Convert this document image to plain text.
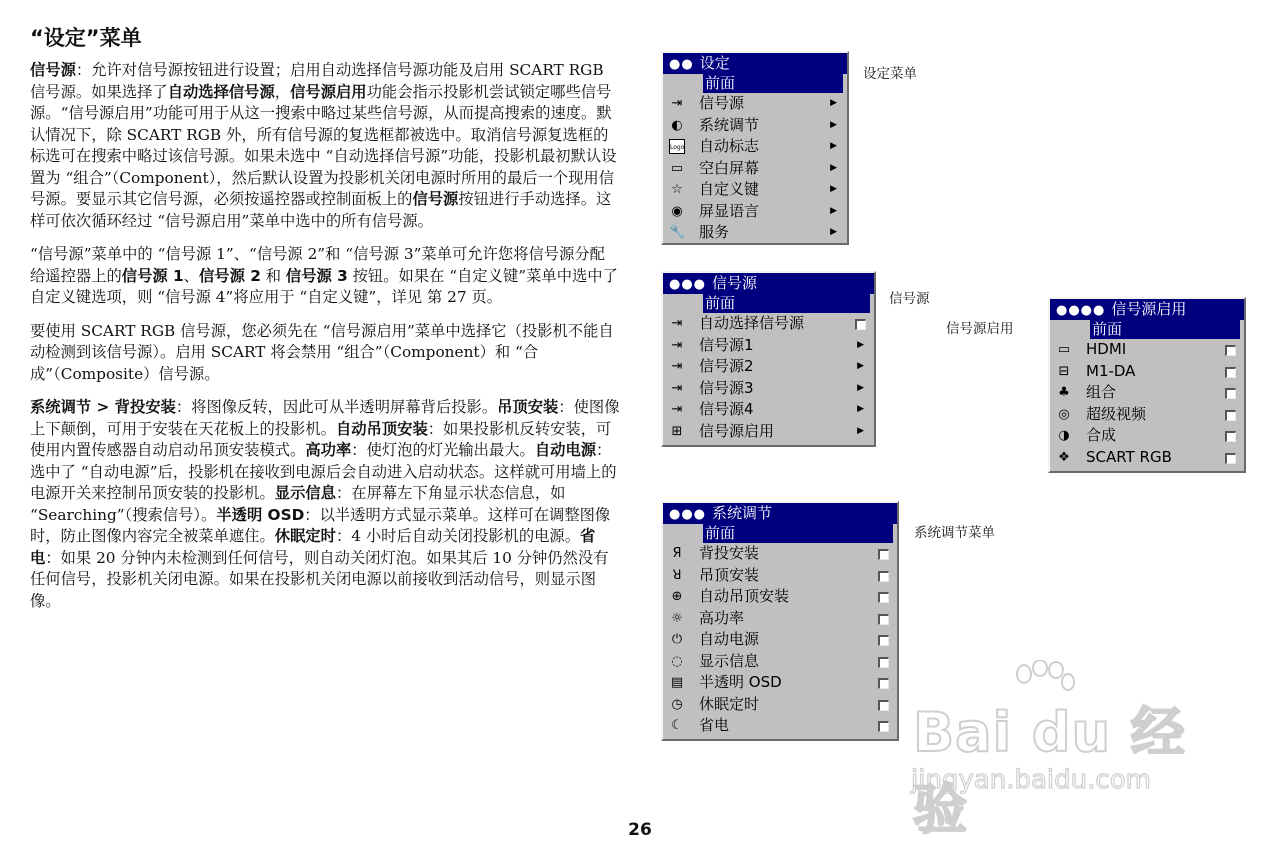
“设定”菜单

信号源：允许对信号源按钮进行设置；启用自动选择信号源功能及启用 SCART RGB 信号源。如果选择了自动选择信号源，信号源启用功能会指示投影机尝试锁定哪些信号源。“信号源启用”功能可用于从这一搜索中略过某些信号源，从而提高搜索的速度。默认情况下，除 SCART RGB 外，所有信号源的复选框都被选中。取消信号源复选框的标选可在搜索中略过该信号源。如果未选中 “自动选择信号源”功能，投影机最初默认设置为 “组合”（Component），然后默认设置为投影机关闭电源时所用的最后一个现用信号源。要显示其它信号源，必须按遥控器或控制面板上的信号源按钮进行手动选择。这样可依次循环经过 “信号源启用”菜单中选中的所有信号源。

“信号源”菜单中的 “信号源 1”、“信号源 2”和 “信号源 3”菜单可允许您将信号源分配给遥控器上的信号源 1、信号源 2 和 信号源 3 按钮。如果在 “自定义键”菜单中选中了自定义键选项，则 “信号源 4”将应用于 “自定义键”，详见 第 27 页。

要使用 SCART RGB 信号源，您必须先在 “信号源启用”菜单中选择它（投影机不能自动检测到该信号源）。启用 SCART 将会禁用 “组合”（Component）和 “合成”（Composite）信号源。

系统调节 > 背投安装：将图像反转，因此可从半透明屏幕背后投影。吊顶安装：使图像上下颠倒，可用于安装在天花板上的投影机。自动吊顶安装：如果投影机反转安装，可使用内置传感器自动启动吊顶安装模式。高功率：使灯泡的灯光输出最大。自动电源：选中了 “自动电源”后，投影机在接收到电源后会自动进入启动状态。这样就可用墙上的电源开关来控制吊顶安装的投影机。显示信息：在屏幕左下角显示状态信息，如 “Searching”（搜索信号）。半透明 OSD：以半透明方式显示菜单。这样可在调整图像时，防止图像内容完全被菜单遮住。休眠定时：4 小时后自动关闭投影机的电源。省电：如果 20 分钟内未检测到任何信号，则自动关闭灯泡。如果其后 10 分钟仍然没有任何信号，投影机关闭电源。如果在投影机关闭电源以前接收到活动信号，则显示图像。

●● 设定
前面
⇥ 信号源	▶
◐ 系统调节	▶
Logo 自动标志	▶
▭ 空白屏幕	▶
☆ 自定义键	▶
◉ 屏显语言	▶
🔧 服务	▶
设定菜单
●●● 信号源
前面
⇥ 自动选择信号源
⇥ 信号源1	▶
⇥ 信号源2	▶
⇥ 信号源3	▶
⇥ 信号源4	▶
⊞ 信号源启用	▶
信号源
●●●● 信号源启用
前面
▭ HDMI
⊟ M1-DA
♣ 组合
◎ 超级视频
◑ 合成
❖ SCART RGB
信号源启用
●●● 系统调节
前面
Я 背投安装
ꓤ 吊顶安装
⊕ 自动吊顶安装
☼ 高功率
⏻ 自动电源
◌ 显示信息
▤ 半透明 OSD
◷ 休眠定时
☾ 省电
系统调节菜单
Bai du 经验
jingyan.baidu.com
26
